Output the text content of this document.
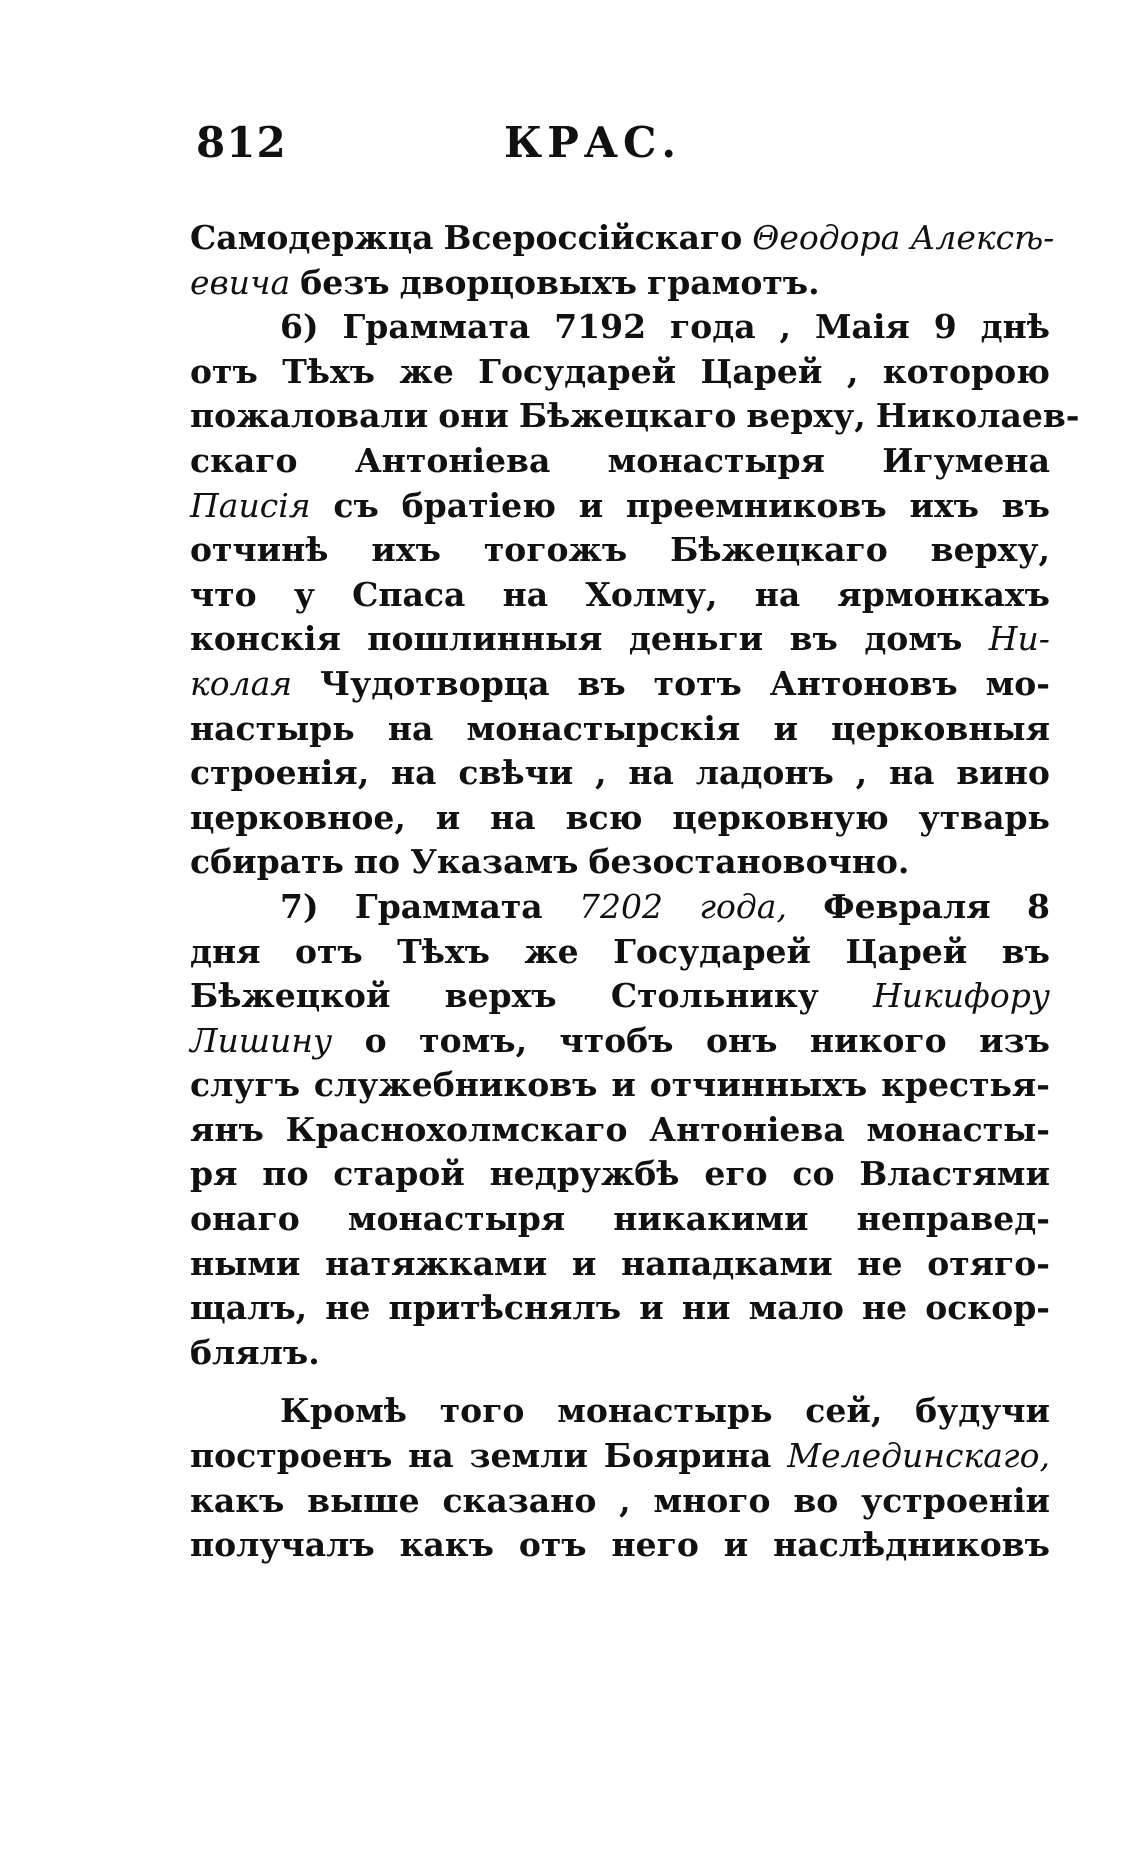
812	КРАС.
Самодержца Всероссійскаго Θеодора Алексѣ-
евича безъ дворцовыхъ грамотъ.
6) Граммата 7192 года , Маія 9 днѣ
отъ Тѣхъ же Государей Царей , которою
пожаловали они Бѣжецкаго верху, Николаев-
скаго Антоніева монастыря Игумена
Паисія съ братіею и преемниковъ ихъ въ
отчинѣ ихъ тогожъ Бѣжецкаго верху,
что у Спаса на Холму, на ярмонкахъ
конскія пошлинныя деньги въ домъ Ни-
колая Чудотворца въ тотъ Антоновъ мо-
настырь на монастырскія и церковныя
строенія, на свѣчи , на ладонъ , на вино
церковное, и на всю церковную утварь
сбирать по Указамъ безостановочно.
7) Граммата 7202 года, Февраля 8
дня отъ Тѣхъ же Государей Царей въ
Бѣжецкой верхъ Стольнику Никифору
Лишину о томъ, чтобъ онъ никого изъ
слугъ служебниковъ и отчинныхъ крестья-
янъ Краснохолмскаго Антоніева монасты-
ря по старой недружбѣ его со Властями
онаго монастыря никакими неправед-
ными натяжками и нападками не отяго-
щалъ, не притѣснялъ и ни мало не оскор-
блялъ.
Кромѣ того монастырь сей, будучи
построенъ на земли Боярина Мелединскаго,
какъ выше сказано , много во устроеніи
получалъ какъ отъ него и наслѣдниковъ
